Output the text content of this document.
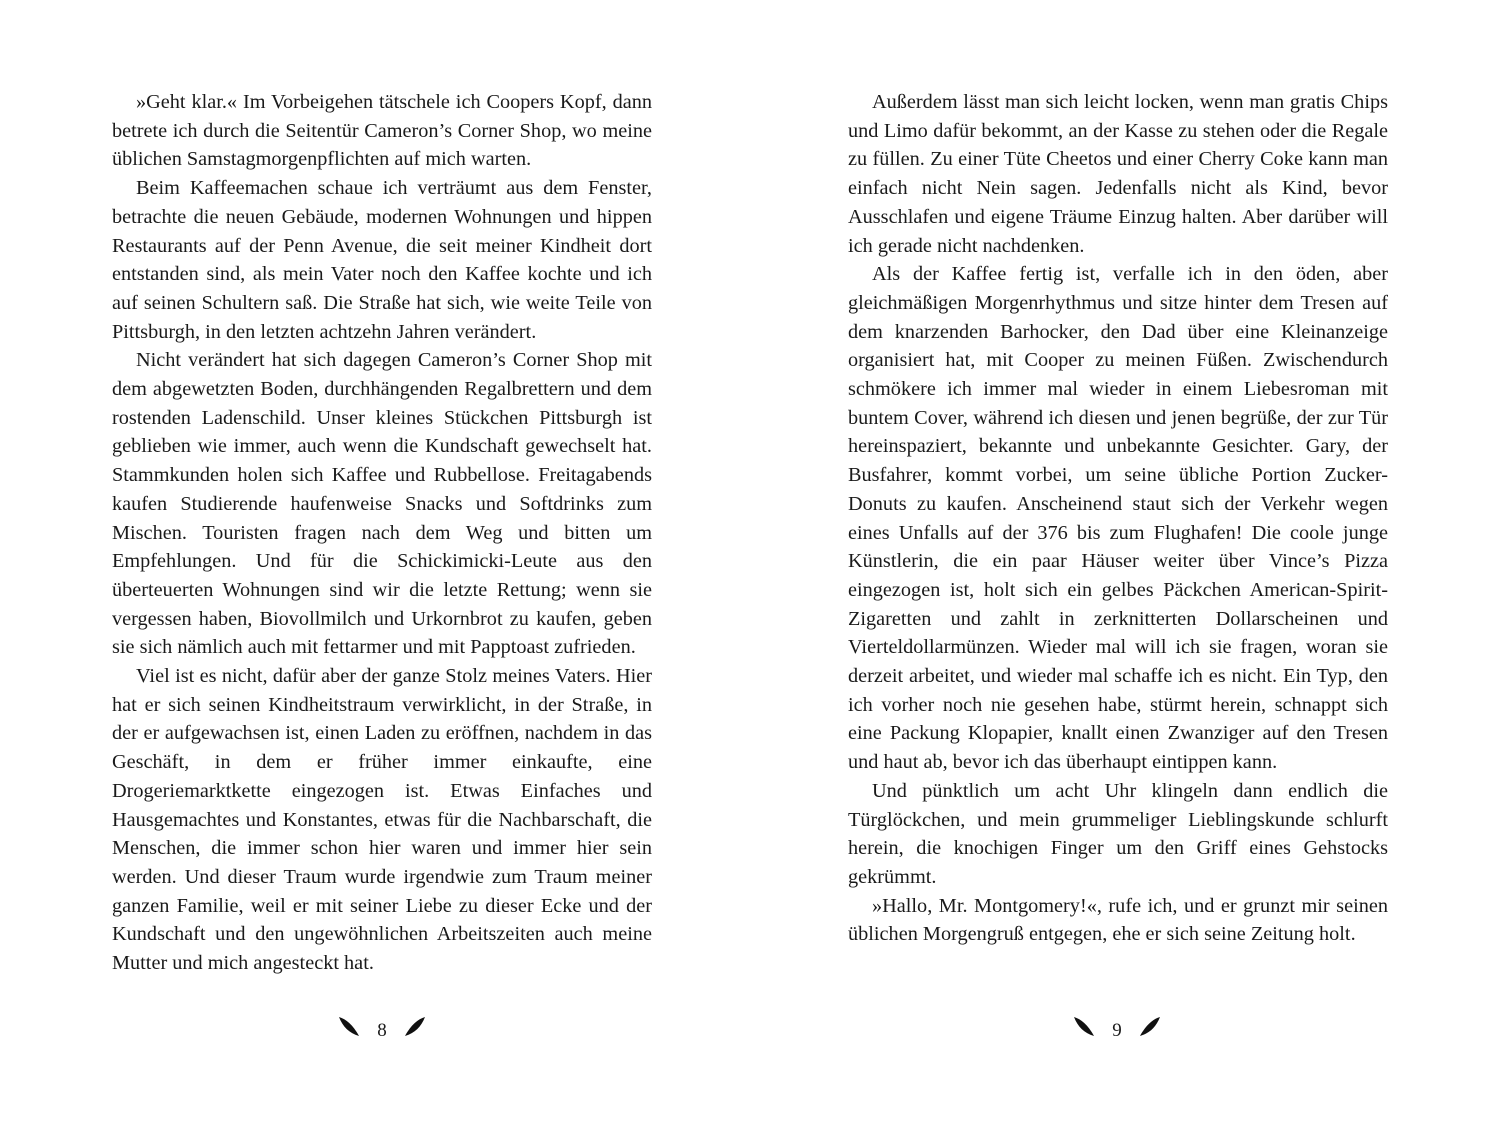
»Geht klar.« Im Vorbeigehen tätschele ich Coopers Kopf, dann betrete ich durch die Seitentür Cameron’s Corner Shop, wo meine üblichen Samstagmorgenpflichten auf mich warten.

Beim Kaffeemachen schaue ich verträumt aus dem Fenster, betrachte die neuen Gebäude, modernen Wohnungen und hippen Restaurants auf der Penn Avenue, die seit meiner Kindheit dort entstanden sind, als mein Vater noch den Kaffee kochte und ich auf seinen Schultern saß. Die Straße hat sich, wie weite Teile von Pittsburgh, in den letzten achtzehn Jahren verändert.

Nicht verändert hat sich dagegen Cameron’s Corner Shop mit dem abgewetzten Boden, durchhängenden Regalbrettern und dem rostenden Ladenschild. Unser kleines Stückchen Pittsburgh ist geblieben wie immer, auch wenn die Kundschaft gewechselt hat. Stammkunden holen sich Kaffee und Rubbellose. Freitagabends kaufen Studierende haufenweise Snacks und Softdrinks zum Mischen. Touristen fragen nach dem Weg und bitten um Empfehlungen. Und für die Schickimicki-Leute aus den überteuerten Wohnungen sind wir die letzte Rettung; wenn sie vergessen haben, Biovollmilch und Urkornbrot zu kaufen, geben sie sich nämlich auch mit fettarmer und mit Papptoast zufrieden.

Viel ist es nicht, dafür aber der ganze Stolz meines Vaters. Hier hat er sich seinen Kindheitstraum verwirklicht, in der Straße, in der er aufgewachsen ist, einen Laden zu eröffnen, nachdem in das Geschäft, in dem er früher immer einkaufte, eine Drogeriemarktkette eingezogen ist. Etwas Einfaches und Hausgemachtes und Konstantes, etwas für die Nachbarschaft, die Menschen, die immer schon hier waren und immer hier sein werden. Und dieser Traum wurde irgendwie zum Traum meiner ganzen Familie, weil er mit seiner Liebe zu dieser Ecke und der Kundschaft und den ungewöhnlichen Arbeitszeiten auch meine Mutter und mich angesteckt hat.

Außerdem lässt man sich leicht locken, wenn man gratis Chips und Limo dafür bekommt, an der Kasse zu stehen oder die Regale zu füllen. Zu einer Tüte Cheetos und einer Cherry Coke kann man einfach nicht Nein sagen. Jedenfalls nicht als Kind, bevor Ausschlafen und eigene Träume Einzug halten. Aber darüber will ich gerade nicht nachdenken.

Als der Kaffee fertig ist, verfalle ich in den öden, aber gleichmäßigen Morgenrhythmus und sitze hinter dem Tresen auf dem knarzenden Barhocker, den Dad über eine Kleinanzeige organisiert hat, mit Cooper zu meinen Füßen. Zwischendurch schmökere ich immer mal wieder in einem Liebesroman mit buntem Cover, während ich diesen und jenen begrüße, der zur Tür hereinspaziert, bekannte und unbekannte Gesichter. Gary, der Busfahrer, kommt vorbei, um seine übliche Portion Zucker-Donuts zu kaufen. Anscheinend staut sich der Verkehr wegen eines Unfalls auf der 376 bis zum Flughafen! Die coole junge Künstlerin, die ein paar Häuser weiter über Vince’s Pizza eingezogen ist, holt sich ein gelbes Päckchen American-Spirit-Zigaretten und zahlt in zerknitterten Dollarscheinen und Vierteldollarmünzen. Wieder mal will ich sie fragen, woran sie derzeit arbeitet, und wieder mal schaffe ich es nicht. Ein Typ, den ich vorher noch nie gesehen habe, stürmt herein, schnappt sich eine Packung Klopapier, knallt einen Zwanziger auf den Tresen und haut ab, bevor ich das überhaupt eintippen kann.

Und pünktlich um acht Uhr klingeln dann endlich die Türglöckchen, und mein grummeliger Lieblingskunde schlurft herein, die knochigen Finger um den Griff eines Gehstocks gekrümmt.

»Hallo, Mr. Montgomery!«, rufe ich, und er grunzt mir seinen üblichen Morgengruß entgegen, ehe er sich seine Zeitung holt.

8	9
